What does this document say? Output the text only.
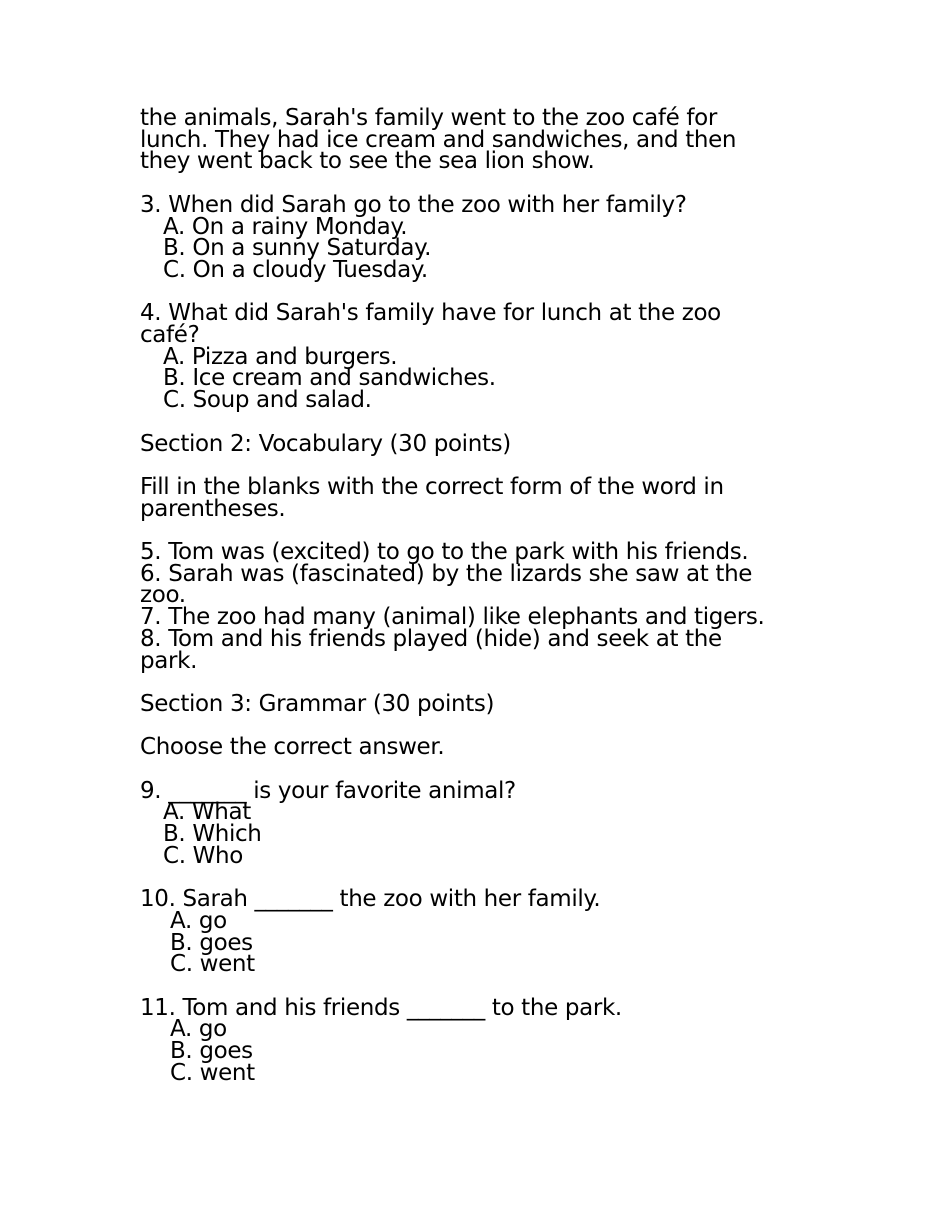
the animals, Sarah's family went to the zoo café for
lunch. They had ice cream and sandwiches, and then
they went back to see the sea lion show.
3. When did Sarah go to the zoo with her family?
A. On a rainy Monday.
B. On a sunny Saturday.
C. On a cloudy Tuesday.
4. What did Sarah's family have for lunch at the zoo
café?
A. Pizza and burgers.
B. Ice cream and sandwiches.
C. Soup and salad.
Section 2: Vocabulary (30 points)
Fill in the blanks with the correct form of the word in
parentheses.
5. Tom was (excited) to go to the park with his friends.
6. Sarah was (fascinated) by the lizards she saw at the
zoo.
7. The zoo had many (animal) like elephants and tigers.
8. Tom and his friends played (hide) and seek at the
park.
Section 3: Grammar (30 points)
Choose the correct answer.
9. _______ is your favorite animal?
A. What
B. Which
C. Who
10. Sarah _______ the zoo with her family.
A. go
B. goes
C. went
11. Tom and his friends _______ to the park.
A. go
B. goes
C. went
